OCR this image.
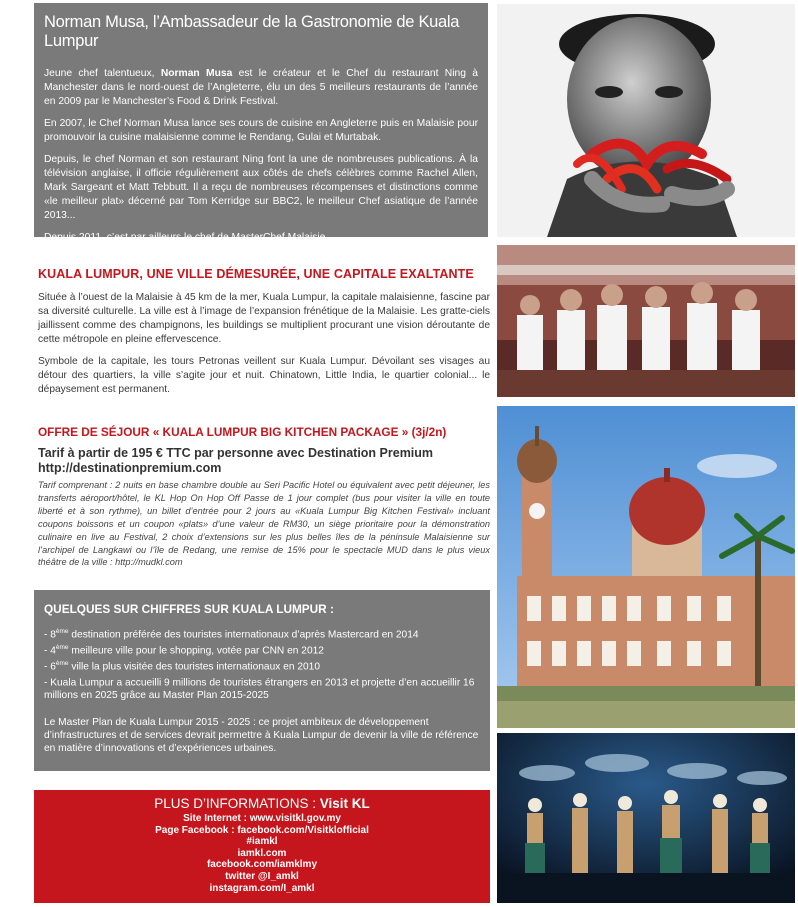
Norman Musa, l’Ambassadeur de la Gastronomie de Kuala Lumpur

Jeune chef talentueux, Norman Musa est le créateur et le Chef du restaurant Ning à Manchester dans le nord-ouest de l’Angleterre, élu un des 5 meilleurs restaurants de l’année en 2009 par le Manchester’s Food & Drink Festival.

En 2007, le Chef Norman Musa lance ses cours de cuisine en Angleterre puis en Malaisie pour promouvoir la cuisine malaisienne comme le Rendang, Gulai et Murtabak.

Depuis, le chef Norman et son restaurant Ning font la une de nombreuses publications. À la télévision anglaise, il officie régulièrement aux côtés de chefs célèbres comme Rachel Allen, Mark Sargeant et Matt Tebbutt. Il a reçu de nombreuses récompenses et distinctions comme «le meilleur plat» décerné par Tom Kerridge sur BBC2, le meilleur Chef asiatique de l’année 2013...

Depuis 2011, c’est par ailleurs le chef de MasterChef Malaisie.

KUALA LUMPUR, UNE VILLE DÉMESURÉE, UNE CAPITALE EXALTANTE

Située à l’ouest de la Malaisie à 45 km de la mer, Kuala Lumpur, la capitale malaisienne, fascine par sa diversité culturelle. La ville est à l’image de l’expansion frénétique de la Malaisie. Les gratte-ciels jaillissent comme des champignons, les buildings se multiplient procurant une vision déroutante de cette métropole en pleine effervescence.

Symbole de la capitale, les tours Petronas veillent sur Kuala Lumpur. Dévoilant ses visages au détour des quartiers, la ville s’agite jour et nuit. Chinatown, Little India, le quartier colonial... le dépaysement est permanent.

OFFRE DE SÉJOUR « KUALA LUMPUR BIG KITCHEN PACKAGE » (3j/2n)
Tarif à partir de 195 € TTC par personne avec Destination Premium
http://destinationpremium.com
Tarif comprenant : 2 nuits en base chambre double au Seri Pacific Hotel ou équivalent avec petit déjeuner, les transferts aéroport/hôtel, le KL Hop On Hop Off Passe de 1 jour complet (bus pour visiter la ville en toute liberté et à son rythme), un billet d’entrée pour 2 jours au «Kuala Lumpur Big Kitchen Festival» incluant coupons boissons et un coupon «plats» d’une valeur de RM30, un siège prioritaire pour la démonstration culinaire en live au Festival, 2 choix d’extensions sur les plus belles îles de la péninsule Malaisienne sur l’archipel de Langkawi ou l’île de Redang, une remise de 15% pour le spectacle MUD dans le plus vieux théâtre de la ville : http://mudkl.com
QUELQUES SUR CHIFFRES SUR KUALA LUMPUR :
- 8ème destination préférée des touristes internationaux d’après Mastercard en 2014
- 4ème meilleure ville pour le shopping, votée par CNN en 2012
- 6ème ville la plus visitée des touristes internationaux en 2010
- Kuala Lumpur a accueilli 9 millions de touristes étrangers en 2013 et projette d’en accueillir 16 millions en 2025 grâce au Master Plan 2015-2025

Le Master Plan de Kuala Lumpur 2015 - 2025 : ce projet ambiteux de développement d’infrastructures et de services devrait permettre à Kuala Lumpur de devenir la ville de référence en matière d’innovations et d’expériences urbaines.

PLUS D’INFORMATIONS : Visit KL
Site Internet : www.visitkl.gov.my
Page Facebook : facebook.com/Visitklofficial
#iamkl
iamkl.com
facebook.com/iamklmy
twitter @I_amkl
instagram.com/I_amkl
